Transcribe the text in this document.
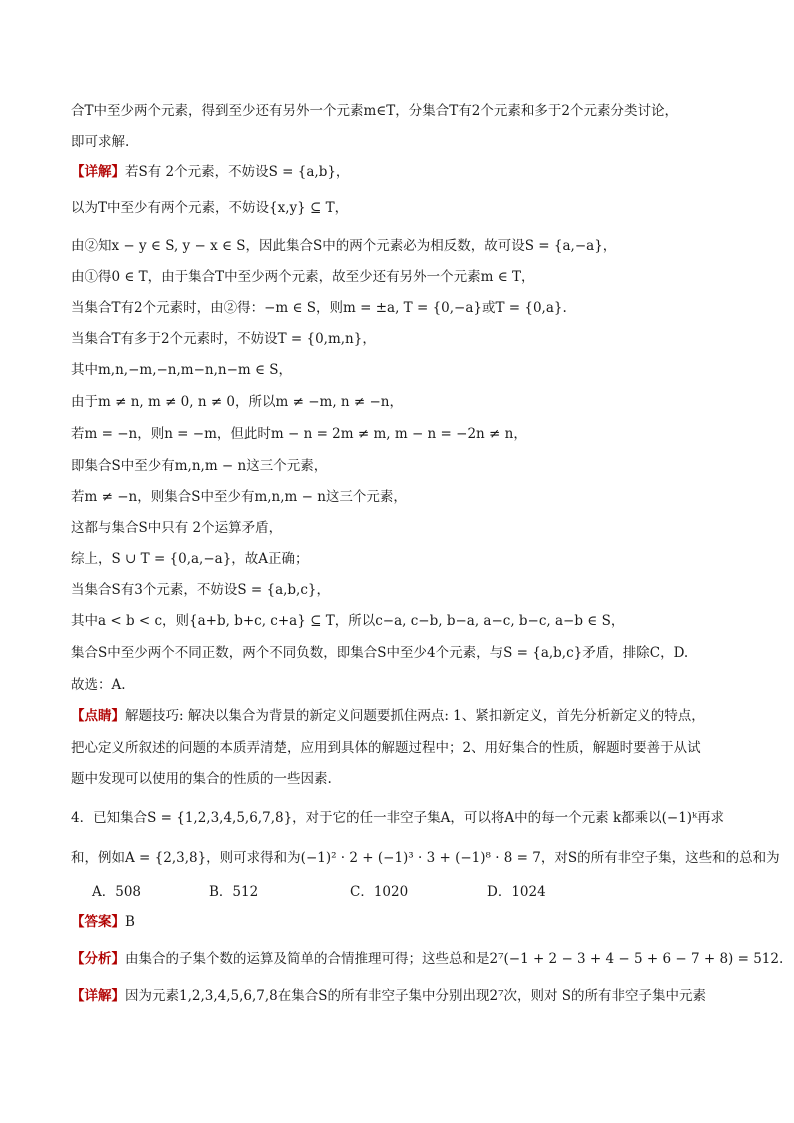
合T中至少两个元素，得到至少还有另外一个元素m∈T，分集合T有2个元素和多于2个元素分类讨论，
即可求解.
【详解】若S有 2个元素，不妨设S = {a,b}，
以为T中至少有两个元素，不妨设{x,y} ⊆ T，
由②知x − y ∈ S, y − x ∈ S，因此集合S中的两个元素必为相反数，故可设S = {a,−a}，
由①得0 ∈ T，由于集合T中至少两个元素，故至少还有另外一个元素m ∈ T，
当集合T有2个元素时，由②得：−m ∈ S，则m = ±a, T = {0,−a}或T = {0,a}.
当集合T有多于2个元素时，不妨设T = {0,m,n}，
其中m,n,−m,−n,m−n,n−m ∈ S，
由于m ≠ n, m ≠ 0, n ≠ 0，所以m ≠ −m, n ≠ −n，
若m = −n，则n = −m，但此时m − n = 2m ≠ m, m − n = −2n ≠ n，
即集合S中至少有m,n,m − n这三个元素，
若m ≠ −n，则集合S中至少有m,n,m − n这三个元素，
这都与集合S中只有 2个运算矛盾，
综上，S ∪ T = {0,a,−a}，故A正确；
当集合S有3个元素，不妨设S = {a,b,c}，
其中a < b < c，则{a+b, b+c, c+a} ⊆ T，所以c−a, c−b, b−a, a−c, b−c, a−b ∈ S，
集合S中至少两个不同正数，两个不同负数，即集合S中至少4个元素，与S = {a,b,c}矛盾，排除C，D.
故选：A.
【点睛】解题技巧: 解决以集合为背景的新定义问题要抓住两点: 1、紧扣新定义，首先分析新定义的特点，
把心定义所叙述的问题的本质弄清楚，应用到具体的解题过程中；2、用好集合的性质，解题时要善于从试
题中发现可以使用的集合的性质的一些因素.
4．已知集合S = {1,2,3,4,5,6,7,8}，对于它的任一非空子集A，可以将A中的每一个元素 k都乘以(−1)ᵏ再求
和，例如A = {2,3,8}，则可求得和为(−1)² · 2 + (−1)³ · 3 + (−1)⁸ · 8 = 7，对S的所有非空子集，这些和的总和为
A．508	B．512	C．1020	D．1024
【答案】B
【分析】由集合的子集个数的运算及简单的合情推理可得；这些总和是2⁷(−1 + 2 − 3 + 4 − 5 + 6 − 7 + 8) = 512.
【详解】因为元素1,2,3,4,5,6,7,8在集合S的所有非空子集中分别出现2⁷次，则对 S的所有非空子集中元素
